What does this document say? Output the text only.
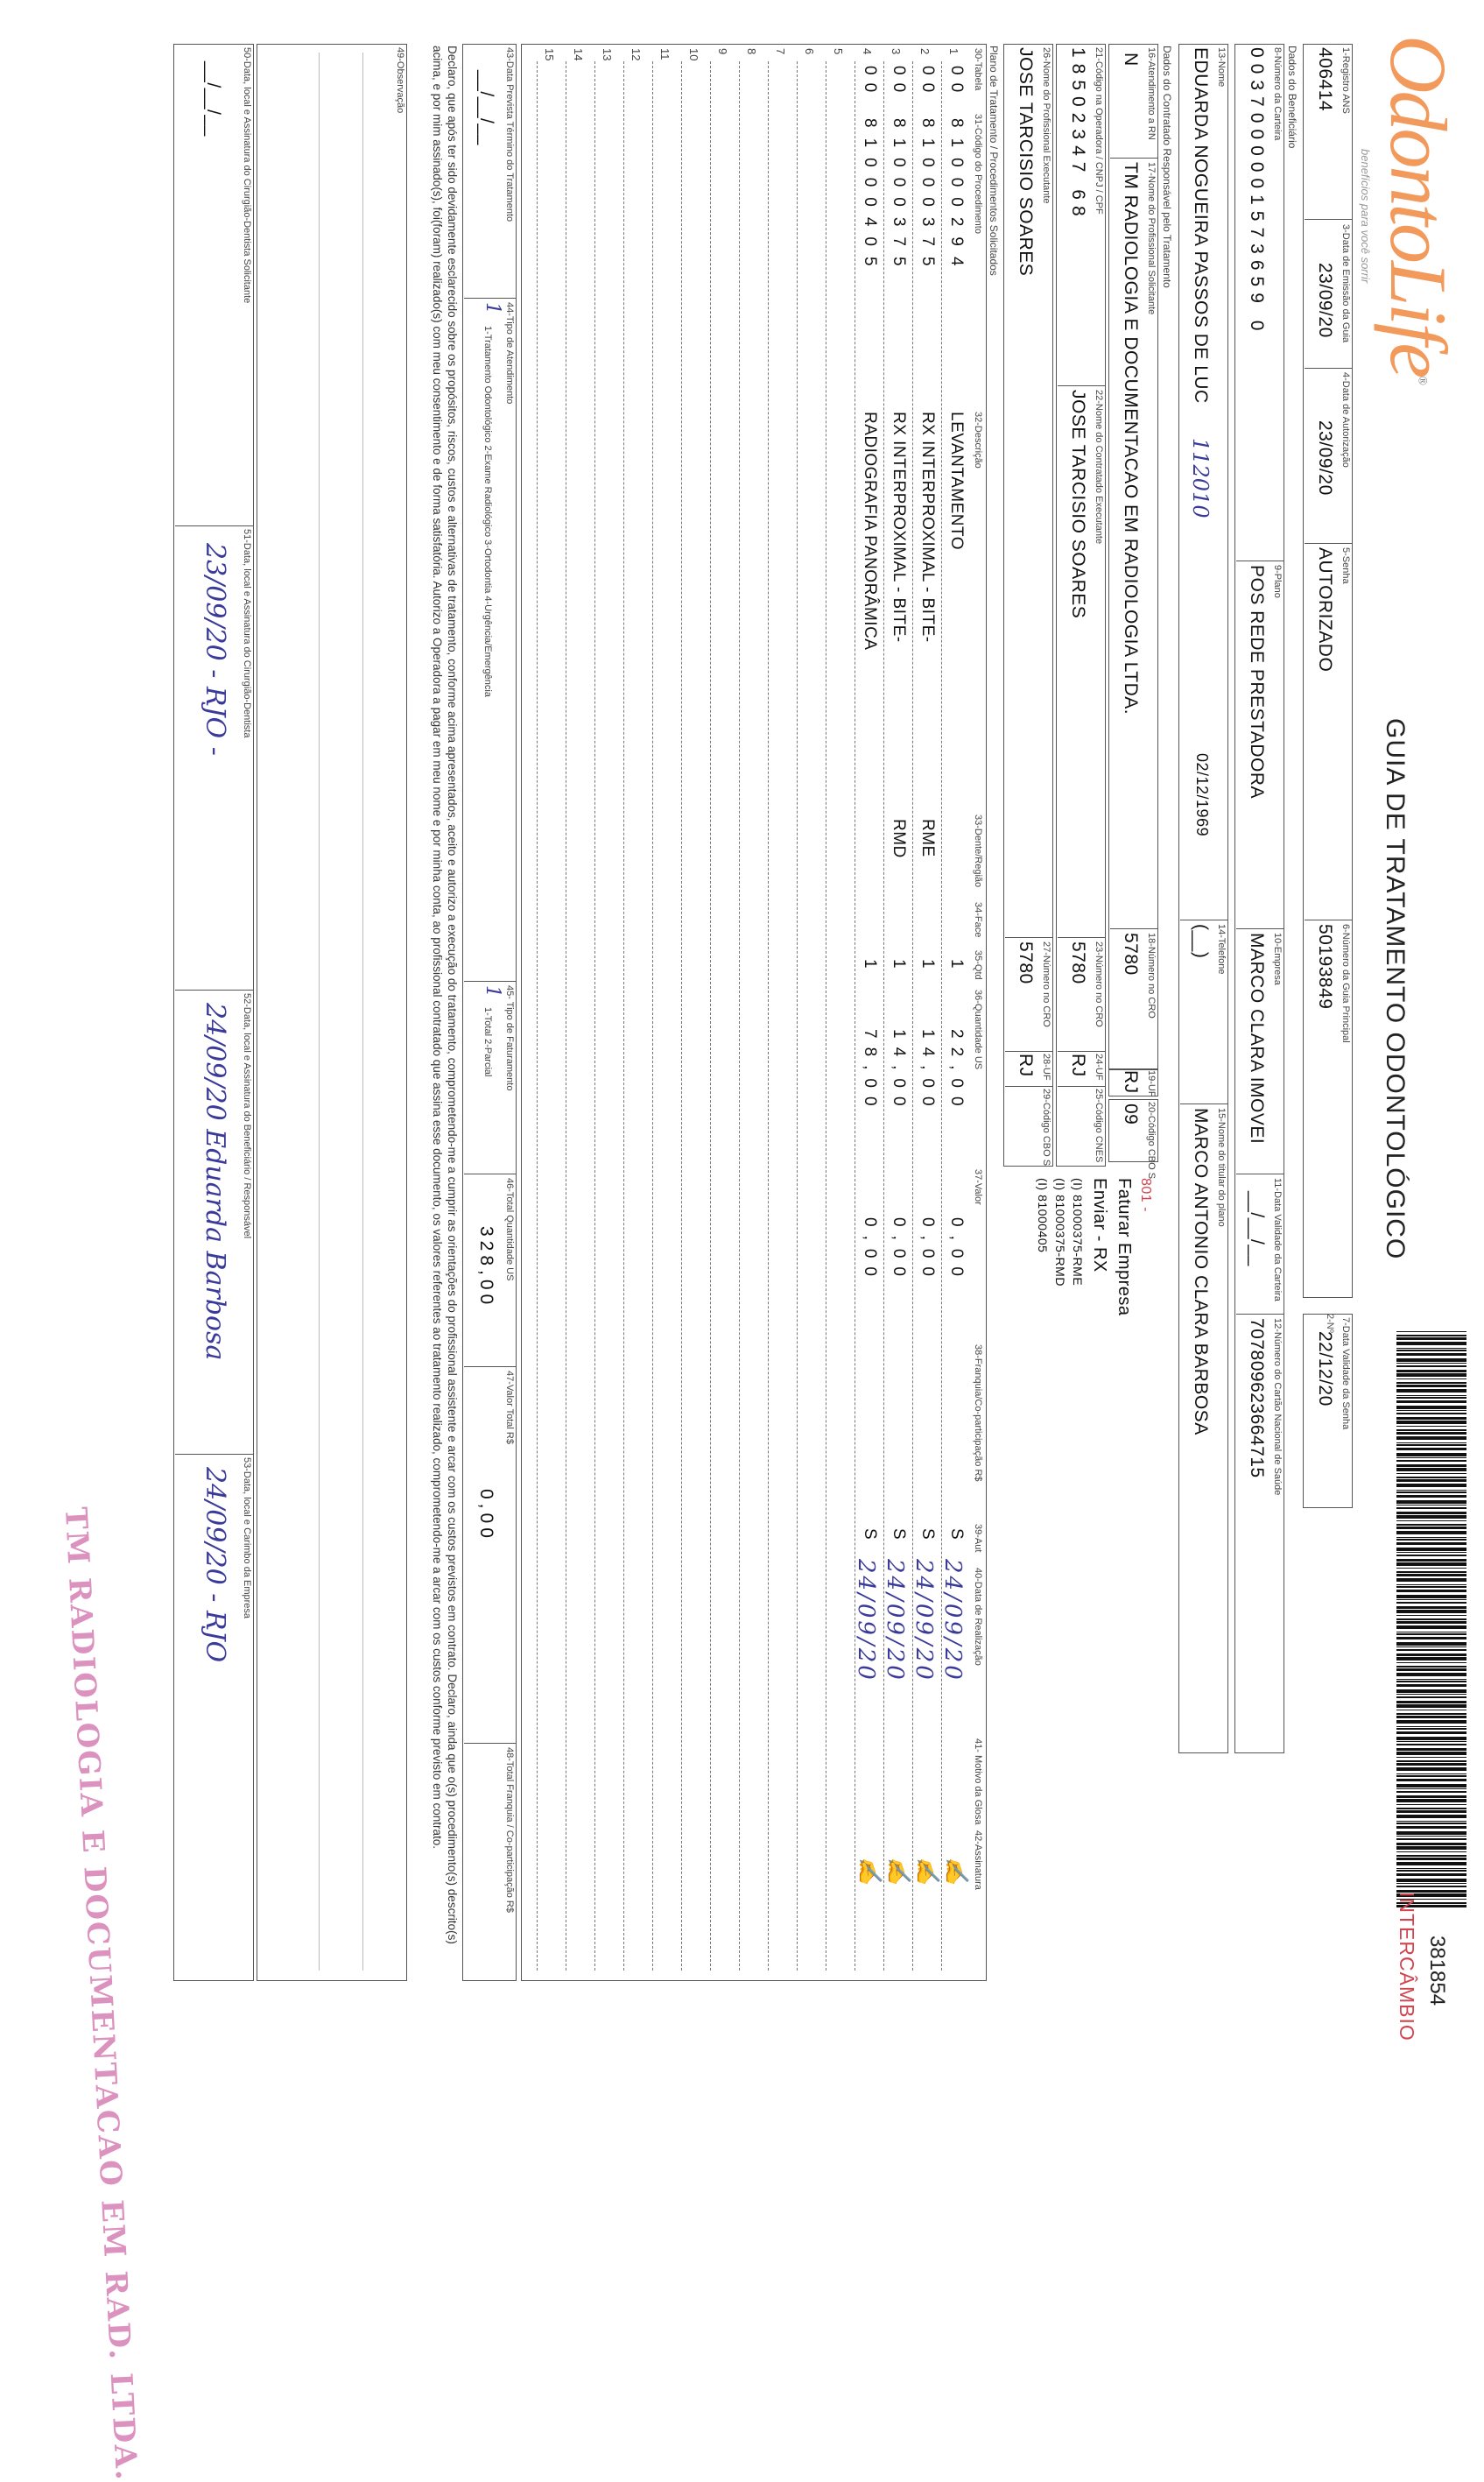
OdontoLife®
benefícios para você sorrir
GUIA DE TRATAMENTO ODONTOLÓGICO
2-Nº
381854
INTERCÂMBIO
1-Registro ANS
406414
3-Data de Emissão da Guia
23/09/20
4-Data de Autorização
23/09/20
5-Senha
AUTORIZADO
6-Número da Guia Principal
50193849
7-Data Validade da Senha
22/12/20
Dados do Beneficiário
8-Número da Carteira
0037000001573659 0
9-Plano
POS REDE PRESTADORA
10-Empresa
MARCO CLARA IMOVEI
11-Data Validade da Carteira
__/__/__
12-Número do Cartão Nacional de Saúde
707809623664715
13-Nome
EDUARDA NOGUEIRA PASSOS DE LUC
112010
02/12/1969
14-Telefone
(__)
15-Nome do titular do plano
MARCO ANTONIO CLARA BARBOSA
Dados do Contratado Responsável pelo Tratamento
16-Atendimento a RN
N
17-Nome do Profissional Solicitante
TM RADIOLOGIA E DOCUMENTACAO EM RADIOLOGIA LTDA.
18-Número no CRO
5780
19-UF
RJ
20-Código CBO S
09
21-Código na Operadora / CNPJ / CPF
18502347 68
22-Nome do Contratado Executante
JOSE TARCISIO SOARES
23-Número no CRO
5780
24-UF
RJ
25-Código CNES
26-Nome do Profissional Executante
JOSE TARCISIO SOARES
27-Número no CRO
5780
28-UF
RJ
29-Código CBO S
801 -
Faturar Empresa
Enviar - RX
(I) 81000375-RME
(I) 81000375-RMD
(I) 81000405
Plano de Tratamento / Procedimentos Solicitados
30-Tabela
31-Código do Procedimento
32-Descrição
33-Dente/Região
34-Face
35-Qtd
36-Quantidade US
37-Valor
38-Franquia/Co-participação R$
39-Aut
40-Data de Realização
41- Motivo da Glosa
42-Assinatura
1
00
81000294
LEVANTAMENTO
1
22,00
0,00
S
24/09/20
✍
2
00
81000375
RX INTERPROXIMAL - BITE-
RME
1
14,00
0,00
S
24/09/20
✍
3
00
81000375
RX INTERPROXIMAL - BITE-
RMD
1
14,00
0,00
S
24/09/20
✍
4
00
81000405
RADIOGRAFIA PANORÂMICA
1
78,00
0,00
S
24/09/20
✍
5
6
7
8
9
10
11
12
13
14
15
43-Data Prevista Término do Tratamento
__/__/__
44-Tipo de Atendimento
1
1-Tratamento Odontológico 2-Exame Radiológico 3-Ortodontia 4-Urgência/Emergência
45- Tipo de Faturamento
1
1-Total 2-Parcial
46-Total Quantidade US
328,00
47-Valor Total R$
0,00
48-Total Franquia / Co-participação R$
Declaro, que após ter sido devidamente esclarecido sobre os propósitos, riscos, custos e alternativas de tratamento, conforme acima apresentados, aceito e autorizo a execução do tratamento, comprometendo-me a cumprir as orientações do profissional assistente e arcar com os custos previstos em contrato. Declaro, ainda que o(s) procedimento(s) descrito(s) acima, e por mim assinado(s), foi(foram) realizado(s) com meu consentimento e de forma satisfatória. Autorizo a Operadora a pagar em meu nome e por minha conta, ao profissional contratado que assina esse documento, os valores referentes ao tratamento realizado, comprometendo-me a arcar com os custos conforme previsto em contrato.
49-Observação
50-Data, local e Assinatura do Cirurgião-Dentista Solicitante
__/__/__
51-Data, local e Assinatura do Cirurgião-Dentista
23/09/20 - RJO -
52-Data, local e Assinatura do Beneficiário / Responsável
24/09/20 Eduarda Barbosa
53-Data, local e Carimbo da Empresa
24/09/20 - RJO
TM RADIOLOGIA E DOCUMENTACAO EM RAD. LTDA.
